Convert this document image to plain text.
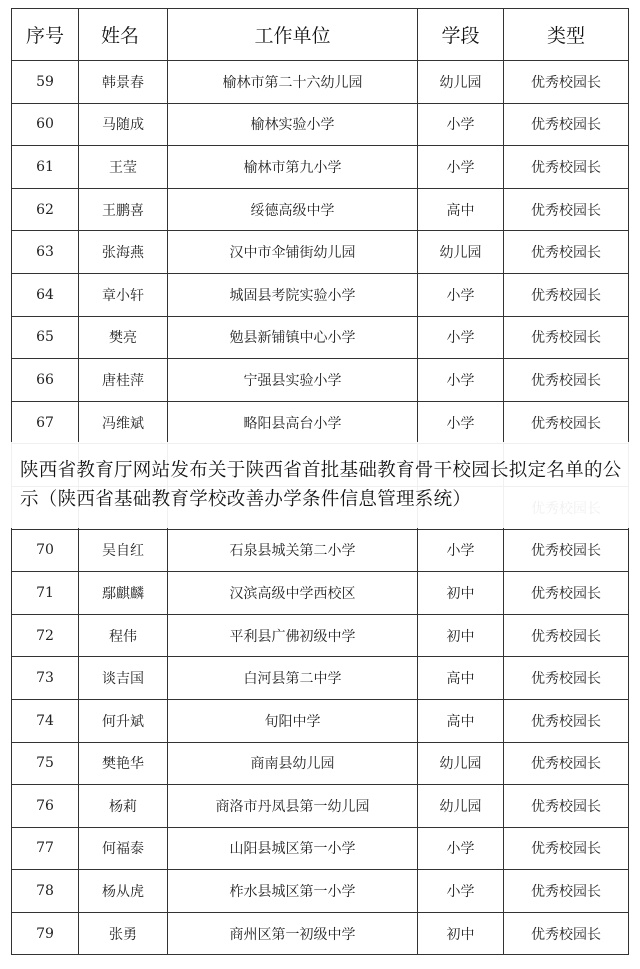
序号	姓名	工作单位	学段	类型
59	韩景春	榆林市第二十六幼儿园	幼儿园	优秀校园长
60	马随成	榆林实验小学	小学	优秀校园长
61	王莹	榆林市第九小学	小学	优秀校园长
62	王鹏喜	绥德高级中学	高中	优秀校园长
63	张海燕	汉中市伞铺街幼儿园	幼儿园	优秀校园长
64	章小轩	城固县考院实验小学	小学	优秀校园长
65	樊亮	勉县新铺镇中心小学	小学	优秀校园长
66	唐桂萍	宁强县实验小学	小学	优秀校园长
67	冯维斌	略阳县高台小学	小学	优秀校园长
70	吴自红	石泉县城关第二小学	小学	优秀校园长
71	鄢麒麟	汉滨高级中学西校区	初中	优秀校园长
72	程伟	平利县广佛初级中学	初中	优秀校园长
73	谈吉国	白河县第二中学	高中	优秀校园长
74	何升斌	旬阳中学	高中	优秀校园长
75	樊艳华	商南县幼儿园	幼儿园	优秀校园长
76	杨莉	商洛市丹凤县第一幼儿园	幼儿园	优秀校园长
77	何福泰	山阳县城区第一小学	小学	优秀校园长
78	杨从虎	柞水县城区第一小学	小学	优秀校园长
79	张勇	商州区第一初级中学	初中	优秀校园长
陕西省教育厅网站发布关于陕西省首批基础教育骨干校园长拟定名单的公示（陕西省基础教育学校改善办学条件信息管理系统）
